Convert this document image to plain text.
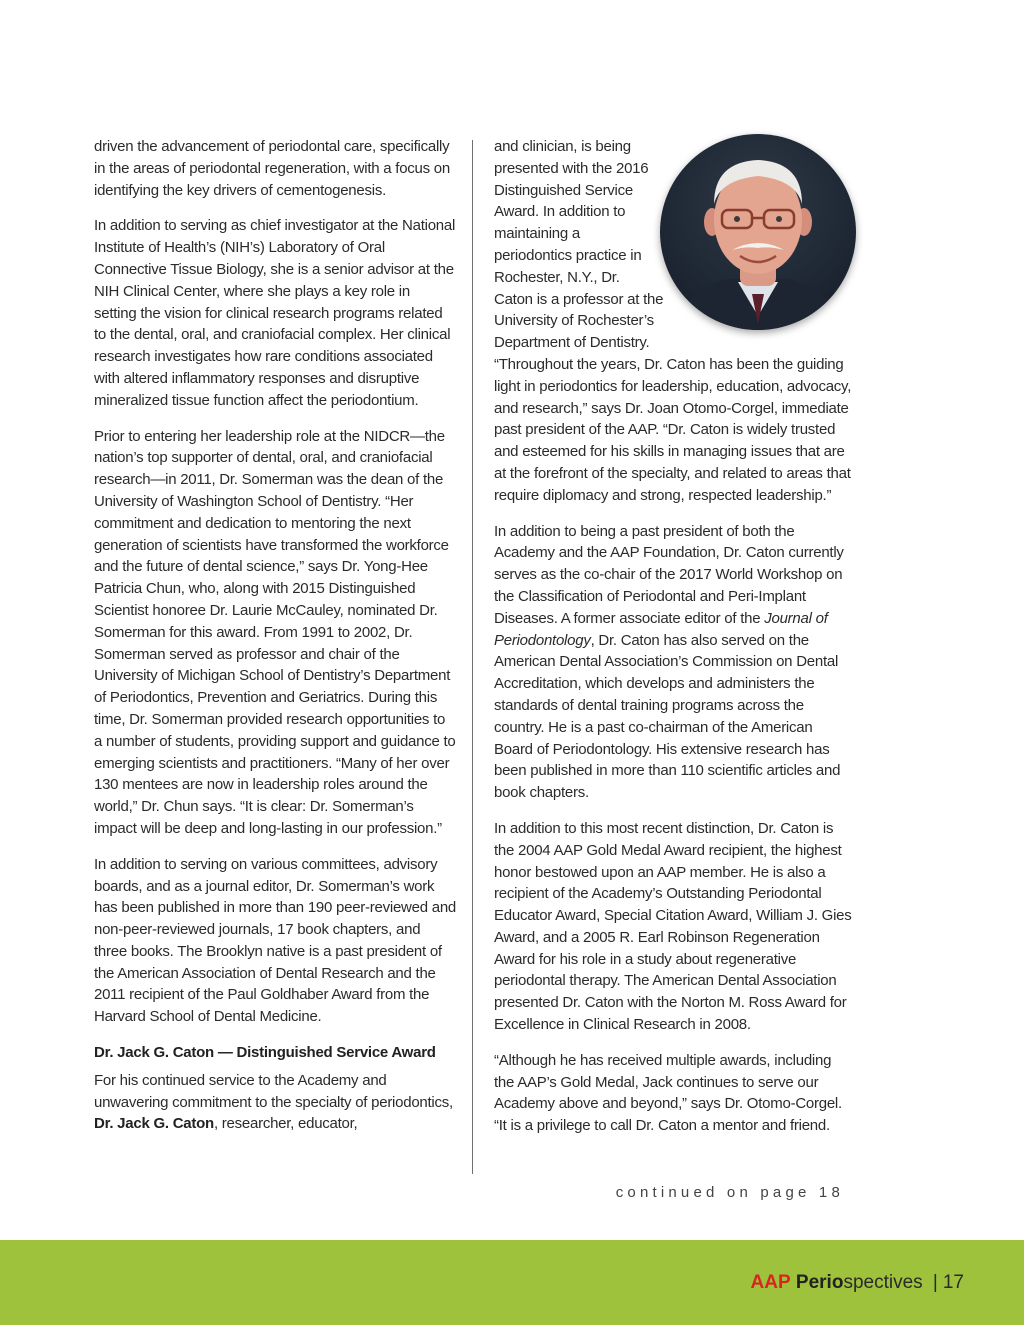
driven the advancement of periodontal care, specifically in the areas of periodontal regeneration, with a focus on identifying the key drivers of cementogenesis.

In addition to serving as chief investigator at the National Institute of Health’s (NIH’s) Laboratory of Oral Connective Tissue Biology, she is a senior advisor at the NIH Clinical Center, where she plays a key role in setting the vision for clinical research programs related to the dental, oral, and craniofacial complex. Her clinical research investigates how rare conditions associated with altered inflammatory responses and disruptive mineralized tissue function affect the periodontium.

Prior to entering her leadership role at the NIDCR—the nation’s top supporter of dental, oral, and craniofacial research—in 2011, Dr. Somerman was the dean of the University of Washington School of Dentistry. “Her commitment and dedication to mentoring the next generation of scientists have transformed the workforce and the future of dental science,” says Dr. Yong-Hee Patricia Chun, who, along with 2015 Distinguished Scientist honoree Dr. Laurie McCauley, nominated Dr. Somerman for this award. From 1991 to 2002, Dr. Somerman served as professor and chair of the University of Michigan School of Dentistry’s Department of Periodontics, Prevention and Geriatrics. During this time, Dr. Somerman provided research opportunities to a number of students, providing support and guidance to emerging scientists and practitioners. “Many of her over 130 mentees are now in leadership roles around the world,” Dr. Chun says. “It is clear: Dr. Somerman’s impact will be deep and long-lasting in our profession.”

In addition to serving on various committees, advisory boards, and as a journal editor, Dr. Somerman’s work has been published in more than 190 peer-reviewed and non-peer-reviewed journals, 17 book chapters, and three books. The Brooklyn native is a past president of the American Association of Dental Research and the 2011 recipient of the Paul Goldhaber Award from the Harvard School of Dental Medicine.

Dr. Jack G. Caton — Distinguished Service Award

For his continued service to the Academy and unwavering commitment to the specialty of periodontics, Dr. Jack G. Caton, researcher, educator,

and clinician, is being presented with the 2016 Distinguished Service Award. In addition to maintaining a periodontics practice in Rochester, N.Y., Dr. Caton is a professor at the University of Rochester’s Department of Dentistry. “Throughout the years, Dr. Caton has been the guiding light in periodontics for leadership, education, advocacy, and research,” says Dr. Joan Otomo-Corgel, immediate past president of the AAP. “Dr. Caton is widely trusted and esteemed for his skills in managing issues that are at the forefront of the specialty, and related to areas that require diplomacy and strong, respected leadership.”

In addition to being a past president of both the Academy and the AAP Foundation, Dr. Caton currently serves as the co-chair of the 2017 World Workshop on the Classification of Periodontal and Peri-Implant Diseases. A former associate editor of the Journal of Periodontology, Dr. Caton has also served on the American Dental Association’s Commission on Dental Accreditation, which develops and administers the standards of dental training programs across the country. He is a past co-chairman of the American Board of Periodontology. His extensive research has been published in more than 110 scientific articles and book chapters.

In addition to this most recent distinction, Dr. Caton is the 2004 AAP Gold Medal Award recipient, the highest honor bestowed upon an AAP member. He is also a recipient of the Academy’s Outstanding Periodontal Educator Award, Special Citation Award, William J. Gies Award, and a 2005 R. Earl Robinson Regeneration Award for his role in a study about regenerative periodontal therapy. The American Dental Association presented Dr. Caton with the Norton M. Ross Award for Excellence in Clinical Research in 2008.

“Although he has received multiple awards, including the AAP’s Gold Medal, Jack continues to serve our Academy above and beyond,” says Dr. Otomo-Corgel. “It is a privilege to call Dr. Caton a mentor and friend.

continued on page 18
AAP Periospectives | 17
